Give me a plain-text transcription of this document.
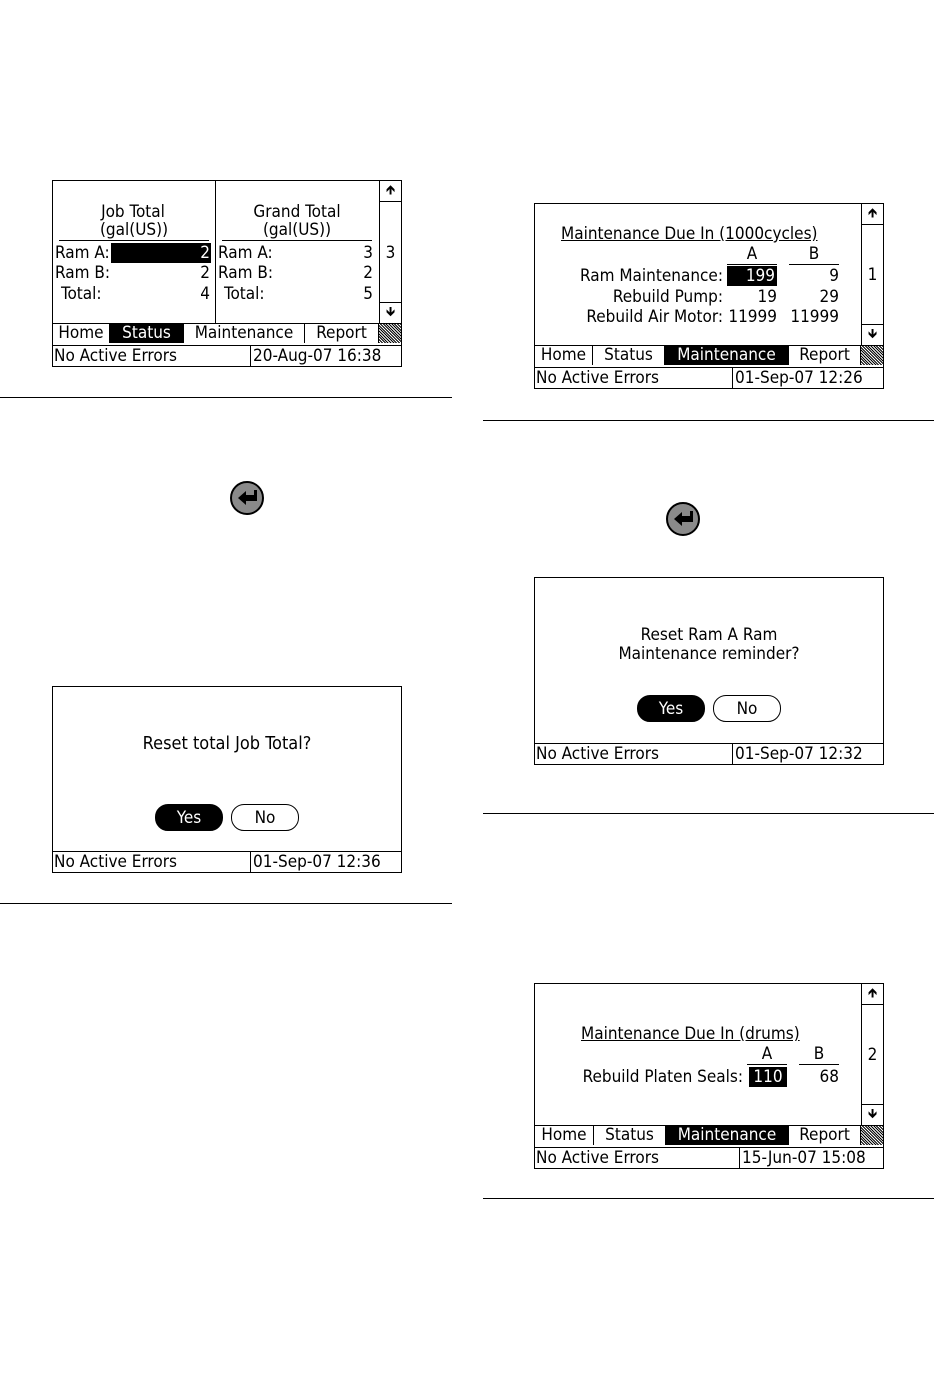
Job Total
(gal(US))
Ram A:	2
Ram B:	2
Total:	4
Grand Total
(gal(US))
Ram A:	3
Ram B:	2
Total:	5
🡹
3
🡻
Home	Status	Maintenance	Report
No Active Errors	20-Aug-07 16:38
Reset total Job Total?
Yes	No
No Active Errors	01-Sep-07 12:36
Maintenance Due In (1000cycles)
A	B
Ram Maintenance:	199	9
Rebuild Pump:	19	29
Rebuild Air Motor: 11999 11999
🡹
1
🡻
Home	Status	Maintenance	Report
No Active Errors	01-Sep-07 12:26
Reset Ram A Ram
Maintenance reminder?
Yes	No
No Active Errors	01-Sep-07 12:32
Maintenance Due In (drums)
A	B
Rebuild Platen Seals: 110	68
🡹
2
🡻
Home	Status	Maintenance	Report
No Active Errors	15-Jun-07 15:08
